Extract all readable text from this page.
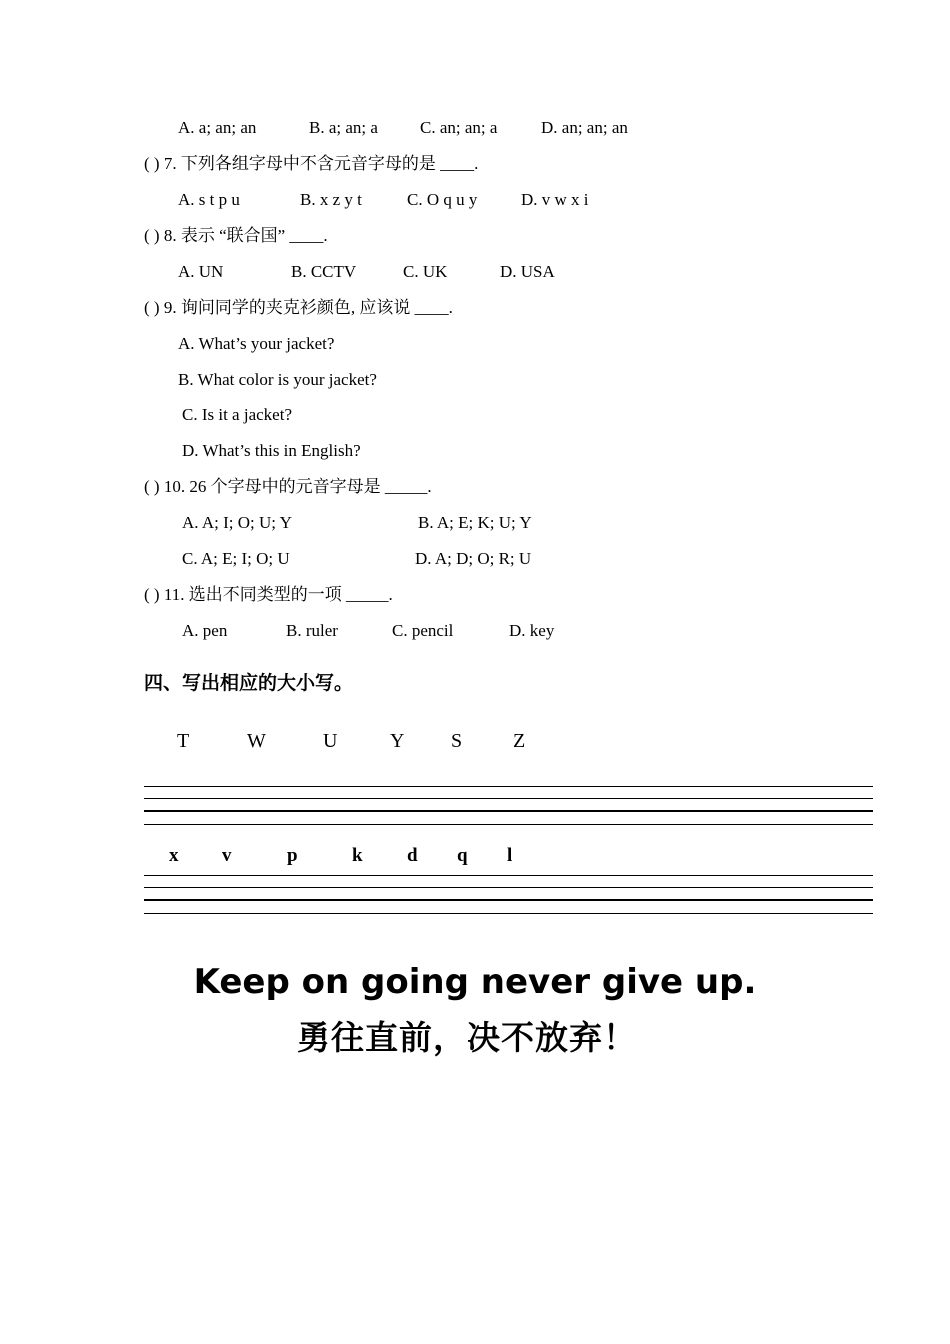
A. a; an; an	B. a; an; a C. an; an; a	D. an; an; an
( ) 7. 下列各组字母中不含元音字母的是 ____.
A. s t p u	B. x z y t	C. O q u y	D. v w x i
( ) 8. 表示 “联合国” ____.
A. UN	B. CCTV	C. UK	D. USA
( ) 9. 询问同学的夹克衫颜色, 应该说 ____.
A. What’s your jacket?
B. What color is your jacket?
C. Is it a jacket?
D. What’s this in English?
( ) 10. 26 个字母中的元音字母是 _____.
A. A; I; O; U; Y	B. A; E; K; U; Y
C. A; E; I; O; U	D. A; D; O; R; U
( ) 11. 选出不同类型的一项 _____.
A. pen	B. ruler	C. pencil	D. key
四、写出相应的大小写。
T	W	U	Y S	Z
x v	p	k d q l
Keep on going never give up.
勇往直前，决不放弃！
